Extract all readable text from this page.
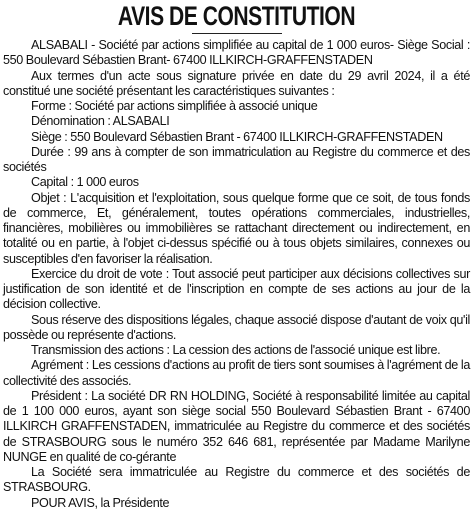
AVIS DE CONSTITUTION

ALSABALI - Société par actions simplifiée au capital de 1 000 euros- Siège Social : 550 Boulevard Sébastien Brant- 67400 ILLKIRCH-GRAFFENSTADEN

Aux termes d'un acte sous signature privée en date du 29 avril 2024, il a été constitué une société présentant les caractéristiques suivantes :

Forme : Société par actions simplifiée à associé unique

Dénomination : ALSABALI

Siège : 550 Boulevard Sébastien Brant - 67400 ILLKIRCH-GRAFFENSTADEN

Durée : 99 ans à compter de son immatriculation au Registre du commerce et des sociétés

Capital : 1 000 euros

Objet : L'acquisition et l'exploitation, sous quelque forme que ce soit, de tous fonds de commerce, Et, généralement, toutes opérations commerciales, industrielles, financières, mobilières ou immobilières se rattachant directement ou indirectement, en totalité ou en partie, à l'objet ci-dessus spécifié ou à tous objets similaires, connexes ou susceptibles d'en favoriser la réalisation.

Exercice du droit de vote : Tout associé peut participer aux décisions collectives sur justification de son identité et de l'inscription en compte de ses actions au jour de la décision collective.

Sous réserve des dispositions légales, chaque associé dispose d'autant de voix qu'il possède ou représente d'actions.

Transmission des actions : La cession des actions de l'associé unique est libre.

Agrément : Les cessions d'actions au profit de tiers sont soumises à l'agrément de la collectivité des associés.

Président : La société DR RN HOLDING, Société à responsabilité limitée au capital de 1 100 000 euros, ayant son siège social 550 Boulevard Sébastien Brant - 67400 ILLKIRCH GRAFFENSTADEN, immatriculée au Registre du commerce et des sociétés de STRASBOURG sous le numéro 352 646 681, représentée par Madame Marilyne NUNGE en qualité de co-gérante

La Société sera immatriculée au Registre du commerce et des sociétés de STRASBOURG.

POUR AVIS, la Présidente
